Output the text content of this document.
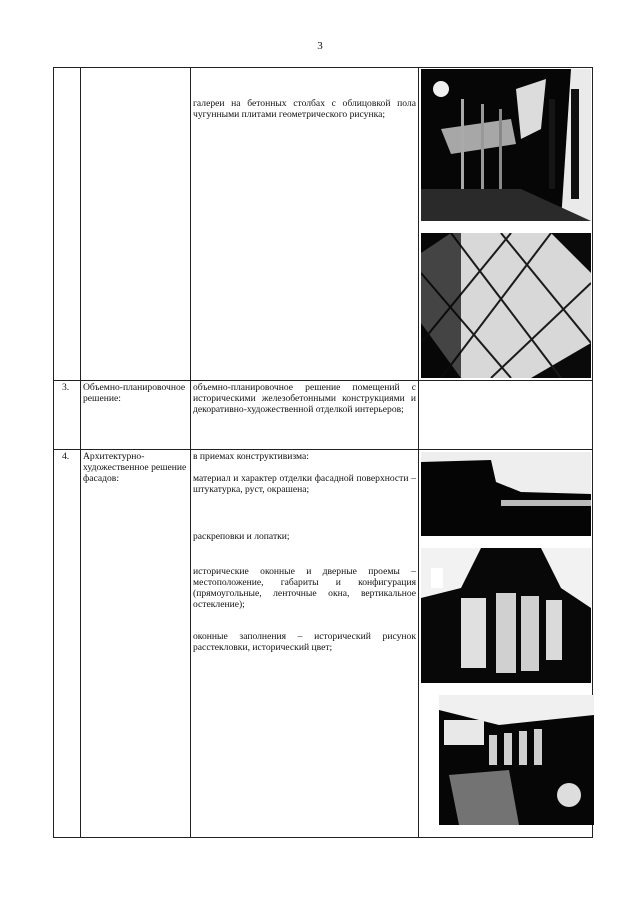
3

		галереи на бетонных столбах с облицовкой пола чугунными плитами геометрического рисунка;

3.	Объемно-планировочное решение:	объемно-планировочное решение помещений с историческими железобетонными конструкциями и декоративно-художественной отделкой интерьеров;	

4.	Архитектурно-художественное решение фасадов:	в приемах конструктивизма:

материал и характер отделки фасадной поверхности – штукатурка, руст, окрашена;

раскреповки и лопатки;

исторические оконные и дверные проемы – местоположение, габариты и конфигурация (прямоугольные, ленточные окна, вертикальное остекление);

оконные заполнения – исторический рисунок расстекловки, исторический цвет;
